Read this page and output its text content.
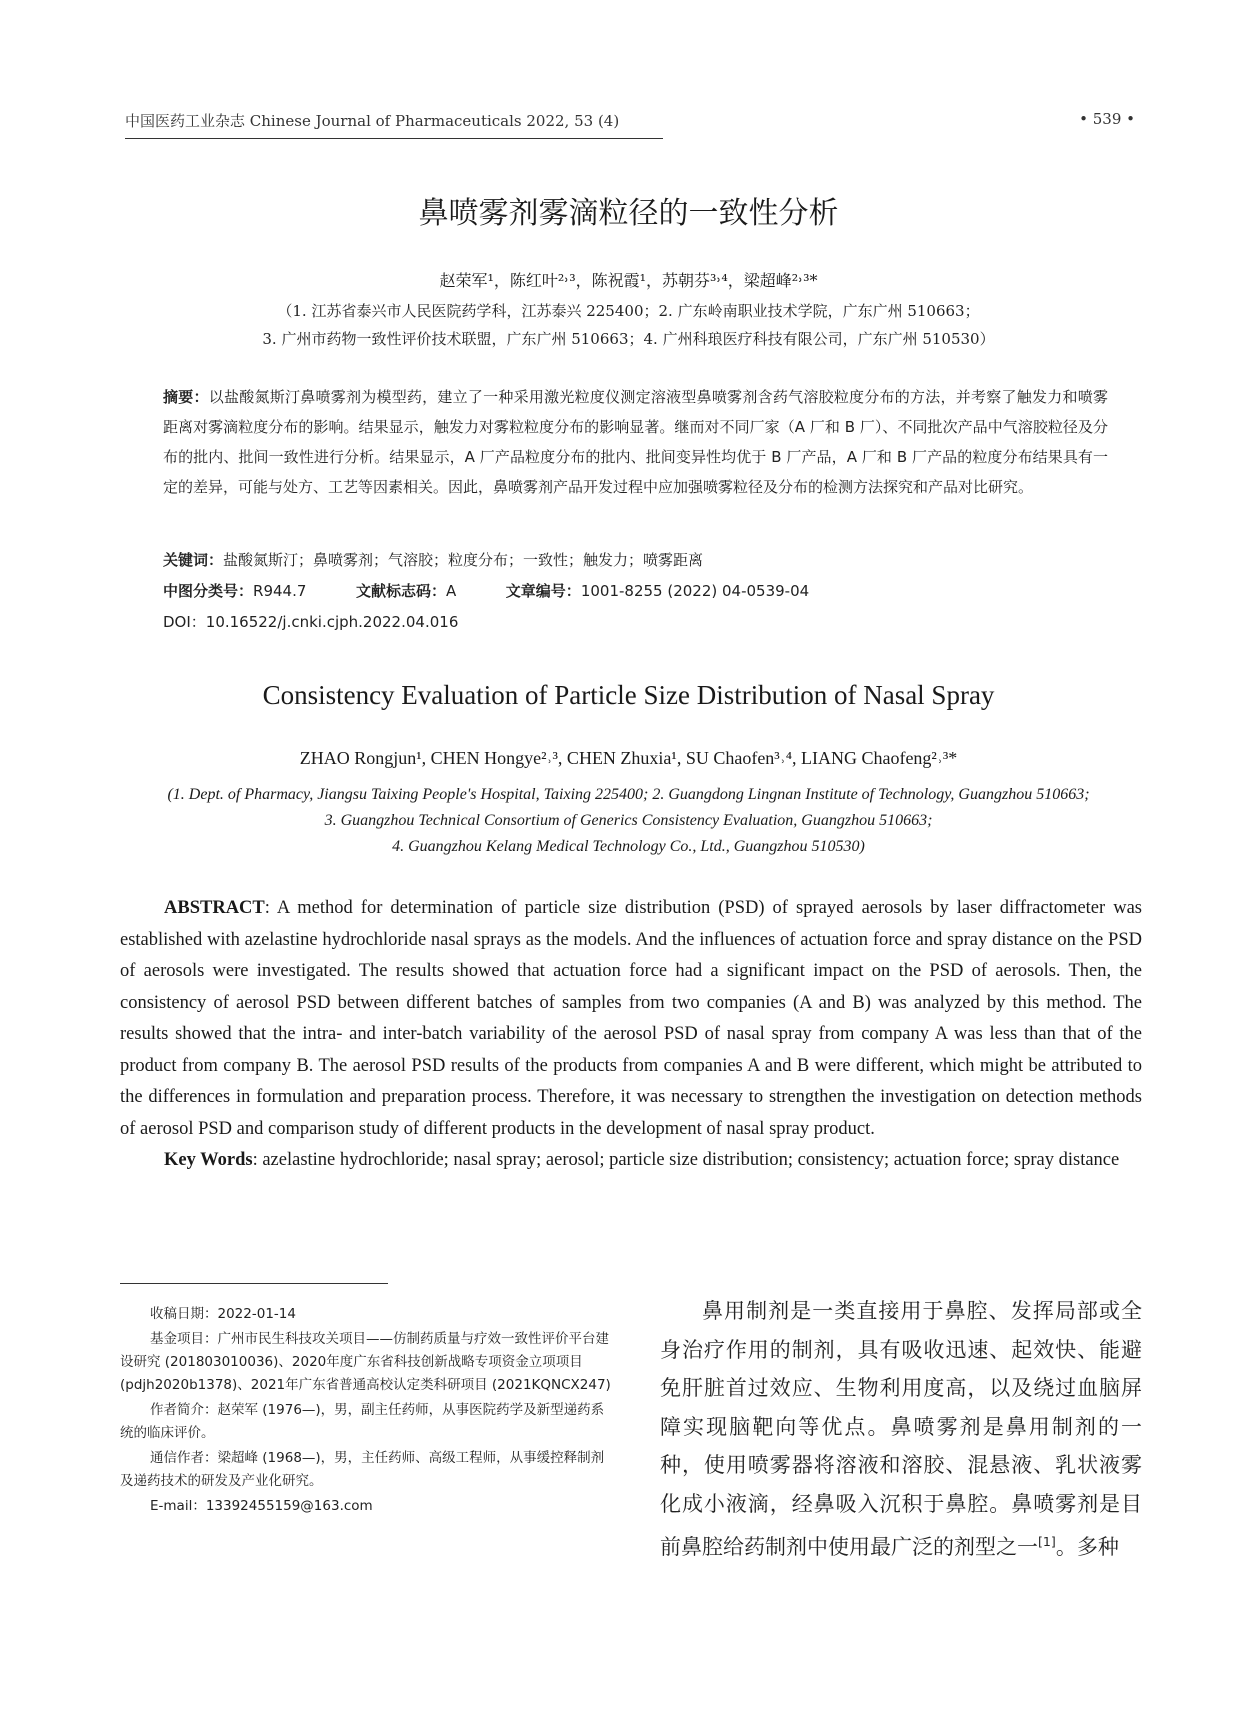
中国医药工业杂志 Chinese Journal of Pharmaceuticals 2022, 53 (4)	• 539 •
鼻喷雾剂雾滴粒径的一致性分析
赵荣军¹，陈红叶²˒³，陈祝霞¹，苏朝芬³˒⁴，梁超峰²˒³*
（1. 江苏省泰兴市人民医院药学科，江苏泰兴 225400；2. 广东岭南职业技术学院，广东广州 510663；
3. 广州市药物一致性评价技术联盟，广东广州 510663；4. 广州科琅医疗科技有限公司，广东广州 510530）
摘要：以盐酸氮斯汀鼻喷雾剂为模型药，建立了一种采用激光粒度仪测定溶液型鼻喷雾剂含药气溶胶粒度分布的方法，并考察了触发力和喷雾距离对雾滴粒度分布的影响。结果显示，触发力对雾粒粒度分布的影响显著。继而对不同厂家（A 厂和 B 厂）、不同批次产品中气溶胶粒径及分布的批内、批间一致性进行分析。结果显示，A 厂产品粒度分布的批内、批间变异性均优于 B 厂产品，A 厂和 B 厂产品的粒度分布结果具有一定的差异，可能与处方、工艺等因素相关。因此，鼻喷雾剂产品开发过程中应加强喷雾粒径及分布的检测方法探究和产品对比研究。
关键词：盐酸氮斯汀；鼻喷雾剂；气溶胶；粒度分布；一致性；触发力；喷雾距离
中图分类号：R944.7	文献标志码：A	文章编号：1001-8255 (2022) 04-0539-04
DOI：10.16522/j.cnki.cjph.2022.04.016
Consistency Evaluation of Particle Size Distribution of Nasal Spray
ZHAO Rongjun¹, CHEN Hongye²˒³, CHEN Zhuxia¹, SU Chaofen³˒⁴, LIANG Chaofeng²˒³*
(1. Dept. of Pharmacy, Jiangsu Taixing People's Hospital, Taixing 225400; 2. Guangdong Lingnan Institute of Technology, Guangzhou 510663;
3. Guangzhou Technical Consortium of Generics Consistency Evaluation, Guangzhou 510663;
4. Guangzhou Kelang Medical Technology Co., Ltd., Guangzhou 510530)

ABSTRACT: A method for determination of particle size distribution (PSD) of sprayed aerosols by laser diffractometer was established with azelastine hydrochloride nasal sprays as the models. And the influences of actuation force and spray distance on the PSD of aerosols were investigated. The results showed that actuation force had a significant impact on the PSD of aerosols. Then, the consistency of aerosol PSD between different batches of samples from two companies (A and B) was analyzed by this method. The results showed that the intra- and inter-batch variability of the aerosol PSD of nasal spray from company A was less than that of the product from company B. The aerosol PSD results of the products from companies A and B were different, which might be attributed to the differences in formulation and preparation process. Therefore, it was necessary to strengthen the investigation on detection methods of aerosol PSD and comparison study of different products in the development of nasal spray product.

Key Words: azelastine hydrochloride; nasal spray; aerosol; particle size distribution; consistency; actuation force; spray distance

收稿日期：2022-01-14

基金项目：广州市民生科技攻关项目——仿制药质量与疗效一致性评价平台建设研究 (201803010036)、2020年度广东省科技创新战略专项资金立项项目 (pdjh2020b1378)、2021年广东省普通高校认定类科研项目 (2021KQNCX247)

作者简介：赵荣军 (1976—)，男，副主任药师，从事医院药学及新型递药系统的临床评价。

通信作者：梁超峰 (1968—)，男，主任药师、高级工程师，从事缓控释制剂及递药技术的研发及产业化研究。

E-mail：13392455159@163.com

鼻用制剂是一类直接用于鼻腔、发挥局部或全身治疗作用的制剂，具有吸收迅速、起效快、能避免肝脏首过效应、生物利用度高，以及绕过血脑屏障实现脑靶向等优点。鼻喷雾剂是鼻用制剂的一种，使用喷雾器将溶液和溶胶、混悬液、乳状液雾化成小液滴，经鼻吸入沉积于鼻腔。鼻喷雾剂是目前鼻腔给药制剂中使用最广泛的剂型之一[1]。多种
